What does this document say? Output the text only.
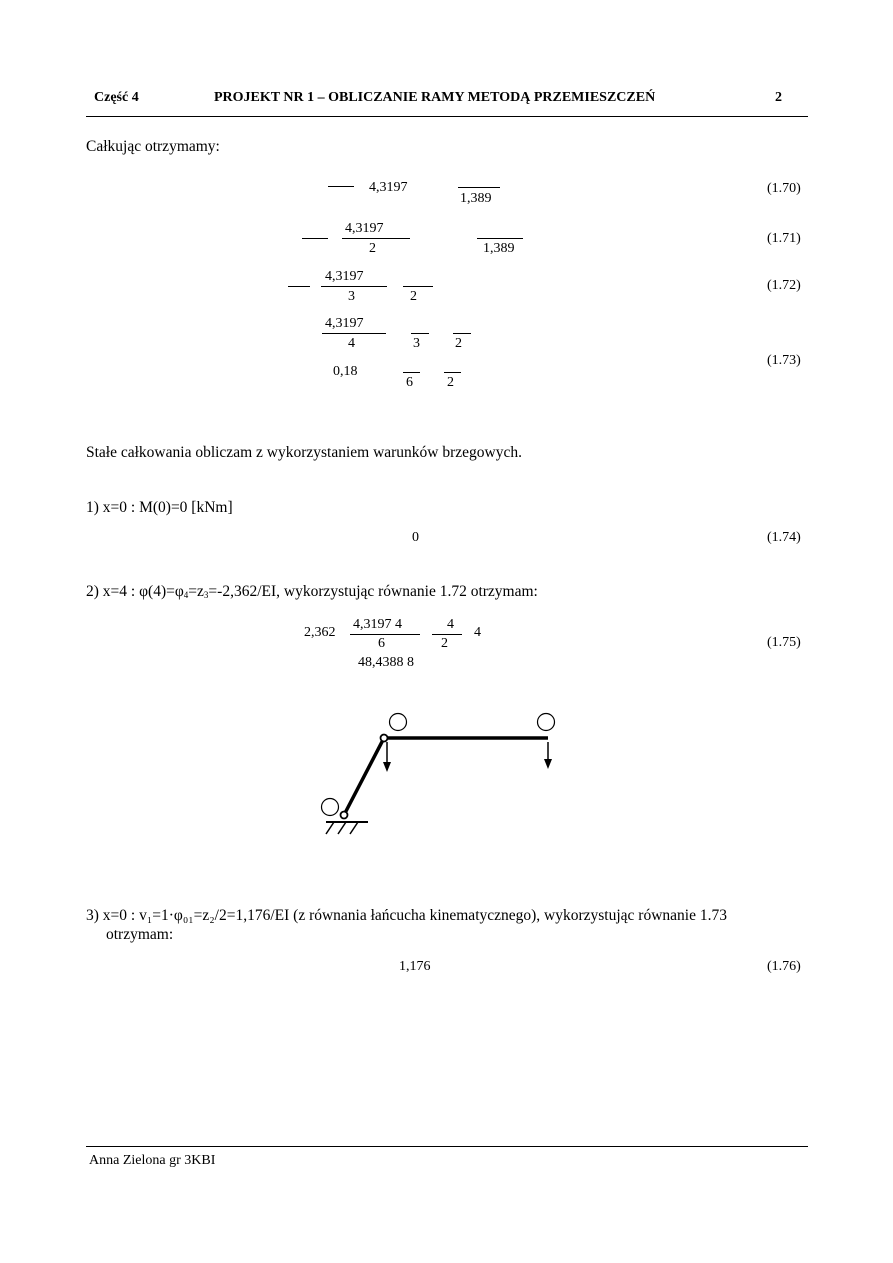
Część 4	PROJEKT NR 1 – OBLICZANIE RAMY METODĄ PRZEMIESZCZEŃ	2
Całkując otrzymamy:
4,3197
1,389
(1.70)
4,3197
2	1,389
(1.71)
4,3197
3	2
(1.72)
4,3197
4	3	2
0,18
6 2
(1.73)
Stałe całkowania obliczam z wykorzystaniem warunków brzegowych.
1) x=0 : M(0)=0 [kNm]
0	(1.74)
2) x=4 : $\varphi(4)=\varphi_4=z_3=-2,362/EI$, wykorzystując równanie 1.72 otrzymam:
2,362
4,3197 4
6
4
2
4
48,4388 8
(1.75)
3) x=0 : v₁=1·φ₀₁=z₂/2=1,176/EI (z równania łańcucha kinematycznego), wykorzystując równanie 1.73
otrzymam:
1,176	(1.76)
Anna Zielona gr 3KBI
